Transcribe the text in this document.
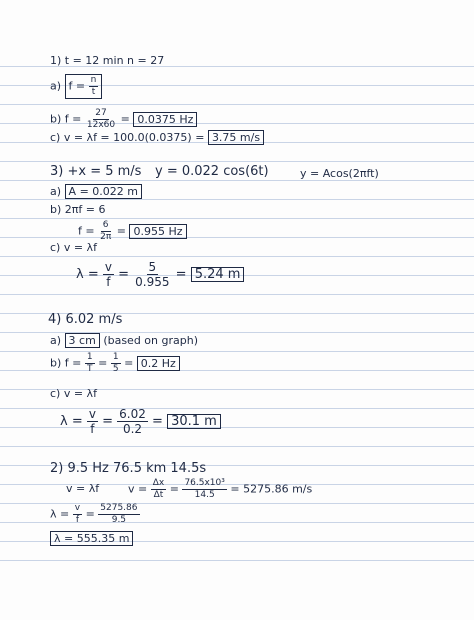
1) t = 12 min n = 27
a) $f = \frac{n}{t}$
b) $f = \frac{27}{12x60} = 0.0375$ Hz
c) v = λf = 100.0(0.0375) = 3.75 m/s
3) +x = 5 m/s y = 0.022 cos(6t)	y = Acos(2πft)
a) A = 0.022 m
b) 2πf = 6
$f = \frac{6}{2\pi} = 0.955$ Hz
c) v = λf
$\lambda = \frac{v}{f} = \frac{5}{0.955} = 5.24$ m
4) 6.02 m/s
a) 3 cm (based on graph)
b) $f = \frac{1}{T} = \frac{1}{5} = 0.2$ Hz
c) v = λf
$\lambda = \frac{v}{f} = \frac{6.02}{0.2} = 30.1$ m
2) 9.5 Hz 76.5 km 14.5s
v = λf	$v = \frac{\Delta x}{\Delta t} = \frac{\text{76.5x10³}}{14.5} = 5275.86$ m/s
$\lambda = \frac{v}{f} = \frac{5275.86}{9.5}$
λ = 555.35 m
